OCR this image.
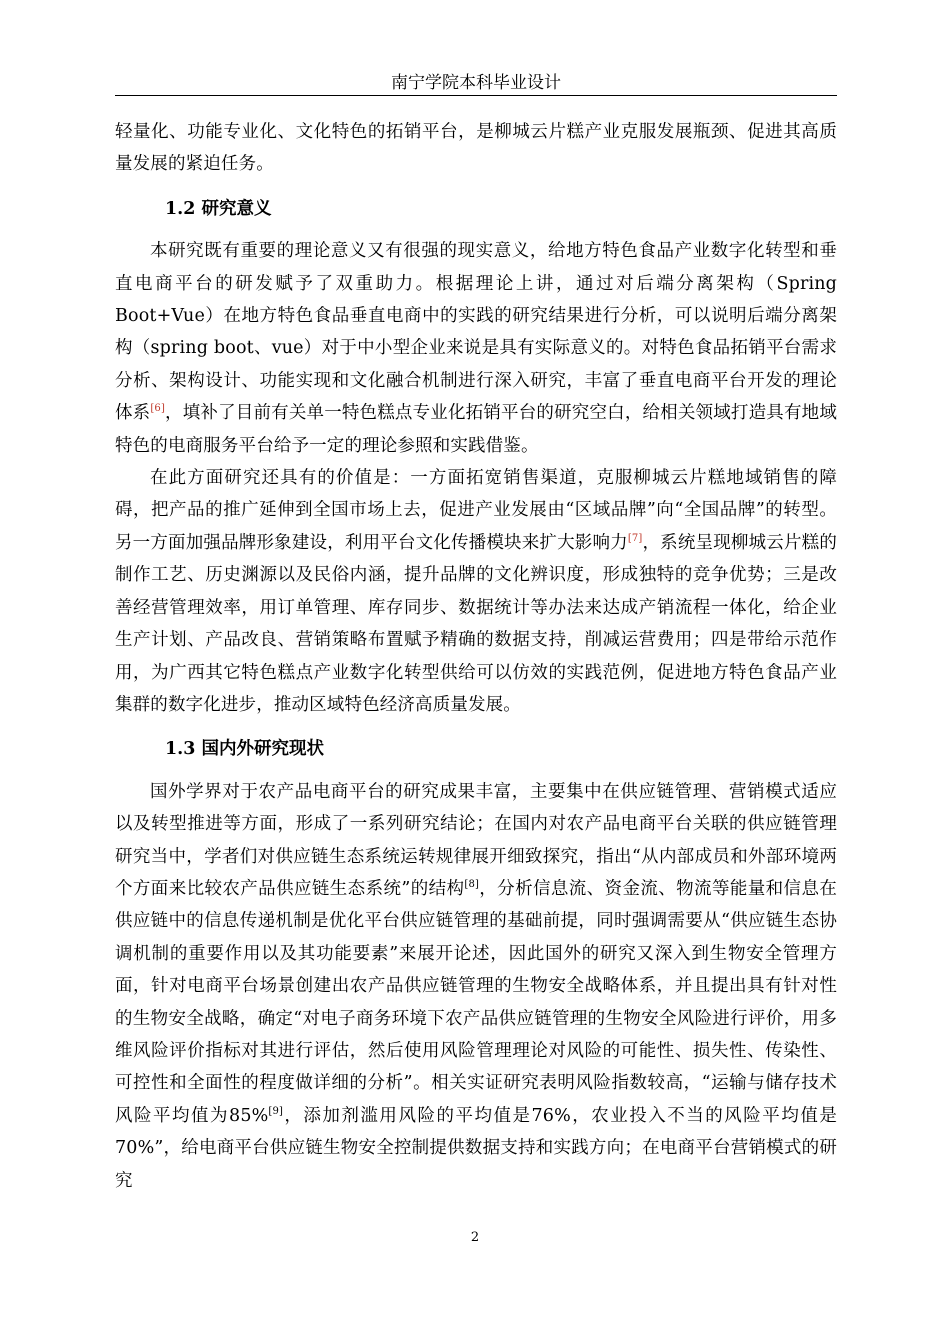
南宁学院本科毕业设计

轻量化、功能专业化、文化特色的拓销平台，是柳城云片糕产业克服发展瓶颈、促进其高质量发展的紧迫任务。

1.2 研究意义

本研究既有重要的理论意义又有很强的现实意义，给地方特色食品产业数字化转型和垂直电商平台的研发赋予了双重助力。根据理论上讲，通过对后端分离架构（Spring Boot+Vue）在地方特色食品垂直电商中的实践的研究结果进行分析，可以说明后端分离架构（spring boot、vue）对于中小型企业来说是具有实际意义的。对特色食品拓销平台需求分析、架构设计、功能实现和文化融合机制进行深入研究，丰富了垂直电商平台开发的理论体系[6]，填补了目前有关单一特色糕点专业化拓销平台的研究空白，给相关领域打造具有地域特色的电商服务平台给予一定的理论参照和实践借鉴。

在此方面研究还具有的价值是：一方面拓宽销售渠道，克服柳城云片糕地域销售的障碍，把产品的推广延伸到全国市场上去，促进产业发展由“区域品牌”向“全国品牌”的转型。另一方面加强品牌形象建设，利用平台文化传播模块来扩大影响力[7]，系统呈现柳城云片糕的制作工艺、历史渊源以及民俗内涵，提升品牌的文化辨识度，形成独特的竞争优势；三是改善经营管理效率，用订单管理、库存同步、数据统计等办法来达成产销流程一体化，给企业生产计划、产品改良、营销策略布置赋予精确的数据支持，削减运营费用；四是带给示范作用，为广西其它特色糕点产业数字化转型供给可以仿效的实践范例，促进地方特色食品产业集群的数字化进步，推动区域特色经济高质量发展。

1.3 国内外研究现状

国外学界对于农产品电商平台的研究成果丰富，主要集中在供应链管理、营销模式适应以及转型推进等方面，形成了一系列研究结论；在国内对农产品电商平台关联的供应链管理研究当中，学者们对供应链生态系统运转规律展开细致探究，指出“从内部成员和外部环境两个方面来比较农产品供应链生态系统”的结构[8]，分析信息流、资金流、物流等能量和信息在供应链中的信息传递机制是优化平台供应链管理的基础前提，同时强调需要从“供应链生态协调机制的重要作用以及其功能要素”来展开论述，因此国外的研究又深入到生物安全管理方面，针对电商平台场景创建出农产品供应链管理的生物安全战略体系，并且提出具有针对性的生物安全战略，确定“对电子商务环境下农产品供应链管理的生物安全风险进行评价，用多维风险评价指标对其进行评估，然后使用风险管理理论对风险的可能性、损失性、传染性、可控性和全面性的程度做详细的分析”。相关实证研究表明风险指数较高，“运输与储存技术风险平均值为85%[9]，添加剂滥用风险的平均值是76%，农业投入不当的风险平均值是70%”，给电商平台供应链生物安全控制提供数据支持和实践方向；在电商平台营销模式的研究

2
